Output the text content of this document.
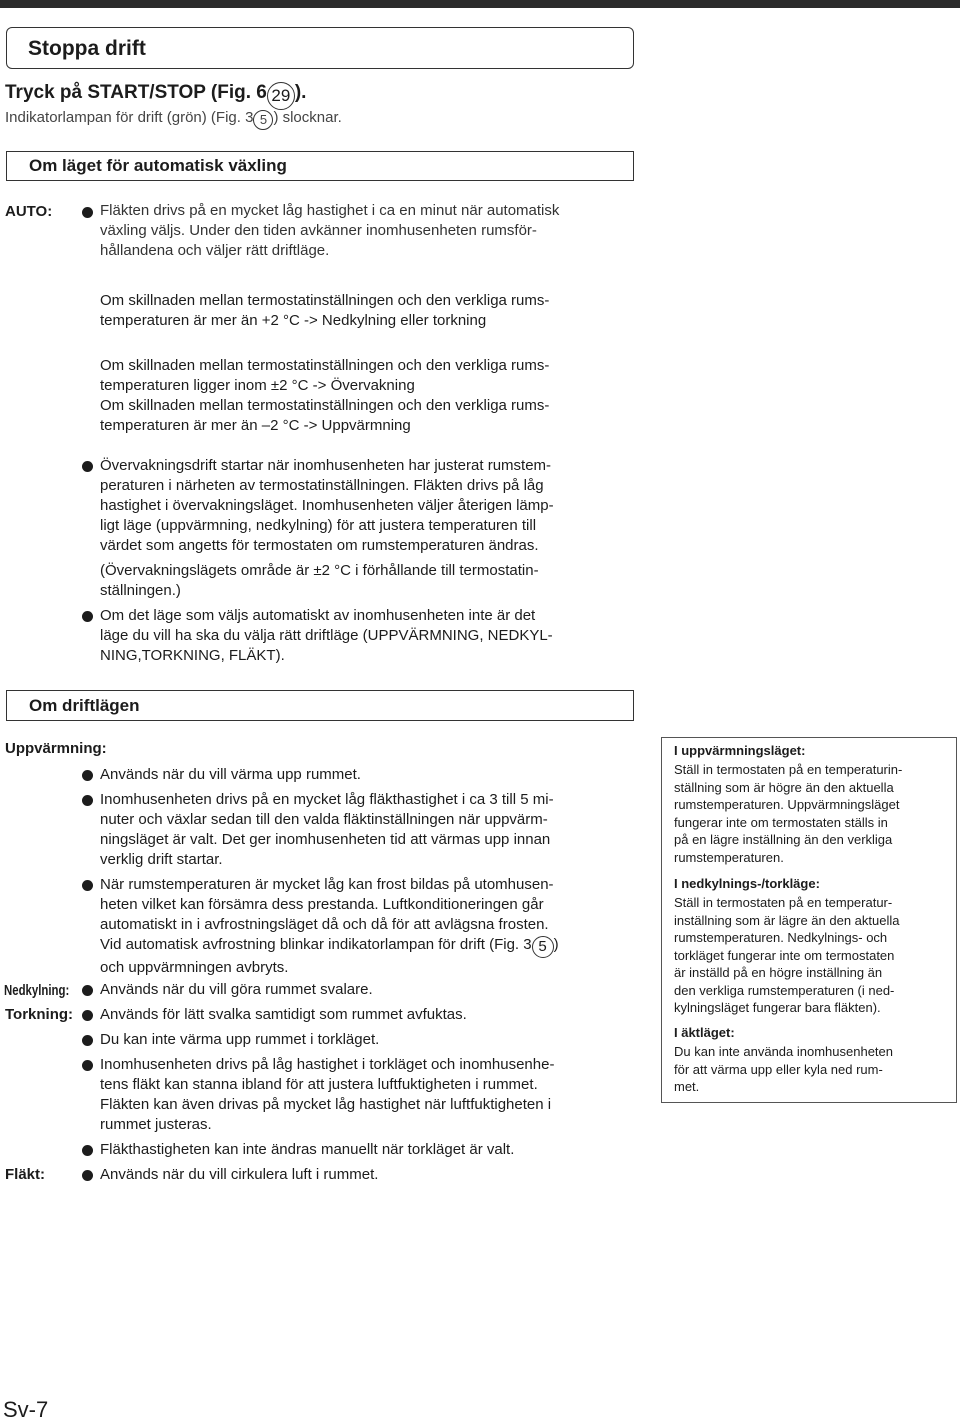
Stoppa drift
Tryck på START/STOP (Fig. 6 29 ).
Indikatorlampan för drift (grön) (Fig. 3 5 ) slocknar.
Om läget för automatisk växling
AUTO:	Fläkten drivs på en mycket låg hastighet i ca en minut när automatisk
växling väljs. Under den tiden avkänner inomhusenheten rumsför-
hållandena och väljer rätt driftläge.
Om skillnaden mellan termostatinställningen och den verkliga rums-
temperaturen är mer än +2 °C -> Nedkylning eller torkning
Om skillnaden mellan termostatinställningen och den verkliga rums-
temperaturen ligger inom ±2 °C -> Övervakning
Om skillnaden mellan termostatinställningen och den verkliga rums-
temperaturen är mer än –2 °C -> Uppvärmning
Övervakningsdrift startar när inomhusenheten har justerat rumstem-
peraturen i närheten av termostatinställningen. Fläkten drivs på låg
hastighet i övervakningsläget. Inomhusenheten väljer återigen lämp-
ligt läge (uppvärmning, nedkylning) för att justera temperaturen till
värdet som angetts för termostaten om rumstemperaturen ändras.
(Övervakningslägets område är ±2 °C i förhållande till termostatin-
ställningen.)
Om det läge som väljs automatiskt av inomhusenheten inte är det
läge du vill ha ska du välja rätt driftläge (UPPVÄRMNING, NEDKYL-
NING,TORKNING, FLÄKT).
Om driftlägen
Uppvärmning:
Används när du vill värma upp rummet.
Inomhusenheten drivs på en mycket låg fläkthastighet i ca 3 till 5 mi-
nuter och växlar sedan till den valda fläktinställningen när uppvärm-
ningsläget är valt. Det ger inomhusenheten tid att värmas upp innan
verklig drift startar.
När rumstemperaturen är mycket låg kan frost bildas på utomhusen-
heten vilket kan försämra dess prestanda. Luftkonditioneringen går
automatiskt in i avfrostningsläget då och då för att avlägsna frosten.
Vid automatisk avfrostning blinkar indikatorlampan för drift (Fig. 3 5 )
och uppvärmningen avbryts.
Nedkylning: Används när du vill göra rummet svalare.
Torkning: Används för lätt svalka samtidigt som rummet avfuktas.
Du kan inte värma upp rummet i torkläget.
Inomhusenheten drivs på låg hastighet i torkläget och inomhusenhe-
tens fläkt kan stanna ibland för att justera luftfuktigheten i rummet.
Fläkten kan även drivas på mycket låg hastighet när luftfuktigheten i
rummet justeras.
Fläkthastigheten kan inte ändras manuellt när torkläget är valt.
Fläkt:	Används när du vill cirkulera luft i rummet.
I uppvärmningsläget:
Ställ in termostaten på en temperaturin-
ställning som är högre än den aktuella
rumstemperaturen. Uppvärmningsläget
fungerar inte om termostaten ställs in
på en lägre inställning än den verkliga
rumstemperaturen.
I nedkylnings-/torkläge:
Ställ in termostaten på en temperatur-
inställning som är lägre än den aktuella
rumstemperaturen. Nedkylnings- och
torkläget fungerar inte om termostaten
är inställd på en högre inställning än
den verkliga rumstemperaturen (i ned-
kylningsläget fungerar bara fläkten).
I äktläget:
Du kan inte använda inomhusenheten
för att värma upp eller kyla ned rum-
met.
Sv-7
